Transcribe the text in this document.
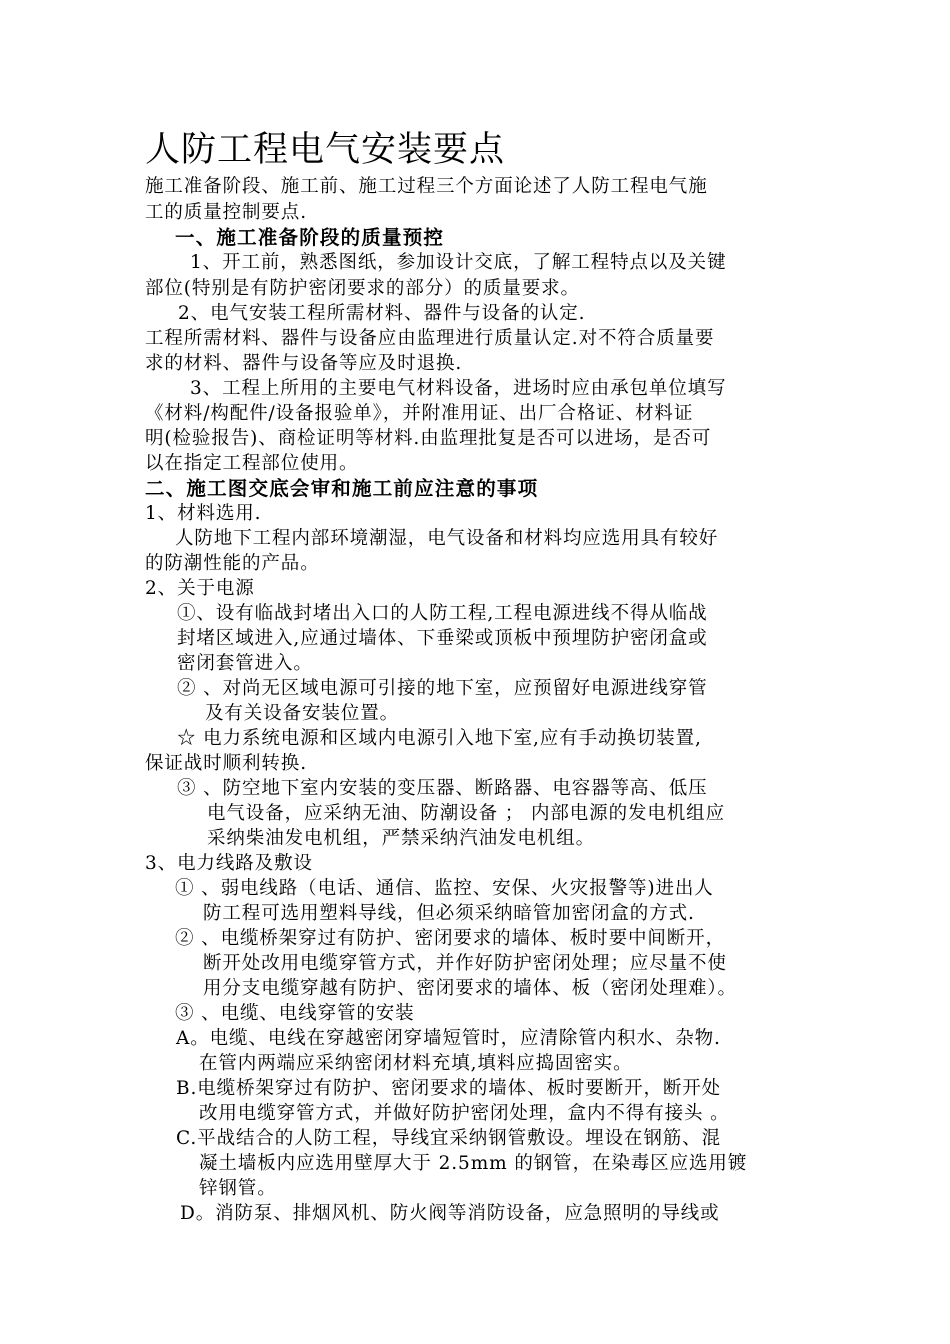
人防工程电气安装要点

施工准备阶段、施工前、施工过程三个方面论述了人防工程电气施

工的质量控制要点.

一、施工准备阶段的质量预控

1、开工前，熟悉图纸，参加设计交底，了解工程特点以及关键

部位(特别是有防护密闭要求的部分）的质量要求。

2、电气安装工程所需材料、器件与设备的认定.

工程所需材料、器件与设备应由监理进行质量认定.对不符合质量要

求的材料、器件与设备等应及时退换.

3、工程上所用的主要电气材料设备，进场时应由承包单位填写

《材料/构配件/设备报验单》，并附准用证、出厂合格证、材料证

明(检验报告)、商检证明等材料.由监理批复是否可以进场，是否可

以在指定工程部位使用。

二、施工图交底会审和施工前应注意的事项

1、材料选用.

人防地下工程内部环境潮湿，电气设备和材料均应选用具有较好

的防潮性能的产品。

2、关于电源

①、设有临战封堵出入口的人防工程,工程电源进线不得从临战

封堵区域进入,应通过墙体、下垂梁或顶板中预埋防护密闭盒或

密闭套管进入。

② 、对尚无区域电源可引接的地下室，应预留好电源进线穿管

及有关设备安装位置。

☆ 电力系统电源和区域内电源引入地下室,应有手动换切装置,

保证战时顺利转换.

③ 、防空地下室内安装的变压器、断路器、电容器等高、低压

电气设备，应采纳无油、防潮设备 ； 内部电源的发电机组应

采纳柴油发电机组，严禁采纳汽油发电机组。

3、电力线路及敷设

① 、弱电线路（电话、通信、监控、安保、火灾报警等)进出人

防工程可选用塑料导线，但必须采纳暗管加密闭盒的方式.

② 、电缆桥架穿过有防护、密闭要求的墙体、板时要中间断开，

断开处改用电缆穿管方式，并作好防护密闭处理；应尽量不使

用分支电缆穿越有防护、密闭要求的墙体、板（密闭处理难）。

③ 、电缆、电线穿管的安装

A。电缆、电线在穿越密闭穿墙短管时，应清除管内积水、杂物.

在管内两端应采纳密闭材料充填,填料应捣固密实。

B.电缆桥架穿过有防护、密闭要求的墙体、板时要断开，断开处

改用电缆穿管方式，并做好防护密闭处理，盒内不得有接头 。

C.平战结合的人防工程，导线宜采纳钢管敷设。埋设在钢筋、混

凝土墙板内应选用壁厚大于 2.5mm 的钢管，在染毒区应选用镀

锌钢管。

D。消防泵、排烟风机、防火阀等消防设备，应急照明的导线或
